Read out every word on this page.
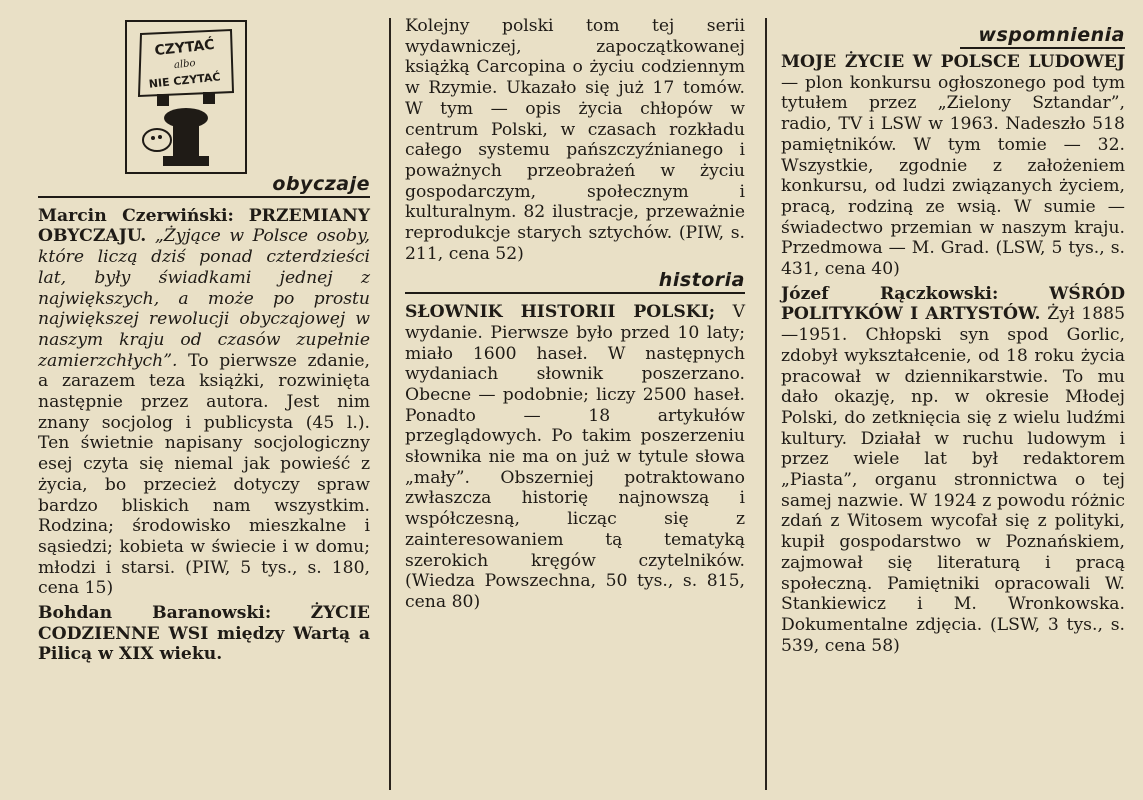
CZYTAĆ
albo
NIE CZYTAĆ
obyczaje

Marcin Czerwiński: PRZEMIANY OBYCZAJU. „Żyjące w Polsce osoby, które liczą dziś ponad czterdzieści lat, były świadkami jednej z największych, a może po prostu największej rewolucji obyczajowej w naszym kraju od czasów zupełnie zamierzchłych”. To pierwsze zdanie, a zarazem teza książki, rozwinięta następnie przez autora. Jest nim znany socjolog i publicysta (45 l.). Ten świetnie napisany socjologiczny esej czyta się niemal jak powieść z życia, bo przecież dotyczy spraw bardzo bliskich nam wszystkim. Rodzina; środowisko mieszkalne i sąsiedzi; kobieta w świecie i w domu; młodzi i starsi. (PIW, 5 tys., s. 180, cena 15)

Bohdan Baranowski: ŻYCIE CODZIENNE WSI między Wartą a Pilicą w XIX wieku.

Kolejny polski tom tej serii wydawniczej, zapoczątkowanej książką Carcopina o życiu codziennym w Rzymie. Ukazało się już 17 tomów. W tym — opis życia chłopów w centrum Polski, w czasach rozkładu całego systemu pańszczyźnianego i poważnych przeobrażeń w życiu gospodarczym, społecznym i kulturalnym. 82 ilustracje, przeważnie reprodukcje starych sztychów. (PIW, s. 211, cena 52)

historia

SŁOWNIK HISTORII POLSKI; V wydanie. Pierwsze było przed 10 laty; miało 1600 haseł. W następnych wydaniach słownik poszerzano. Obecne — podobnie; liczy 2500 haseł. Ponadto — 18 artykułów przeglądowych. Po takim poszerzeniu słownika nie ma on już w tytule słowa „mały”. Obszerniej potraktowano zwłaszcza historię najnowszą i współczesną, licząc się z zainteresowaniem tą tematyką szerokich kręgów czytelników. (Wiedza Powszechna, 50 tys., s. 815, cena 80)

wspomnienia

MOJE ŻYCIE W POLSCE LUDOWEJ — plon konkursu ogłoszonego pod tym tytułem przez „Zielony Sztandar”, radio, TV i LSW w 1963. Nadeszło 518 pamiętników. W tym tomie — 32. Wszystkie, zgodnie z założeniem konkursu, od ludzi związanych życiem, pracą, rodziną ze wsią. W sumie — świadectwo przemian w naszym kraju. Przedmowa — M. Grad. (LSW, 5 tys., s. 431, cena 40)

Józef Rączkowski:	WŚRÓD POLITYKÓW I ARTYSTÓW. Żył 1885—1951. Chłopski syn spod Gorlic, zdobył wykształcenie, od 18 roku życia pracował w dziennikarstwie. To mu dało okazję, np. w okresie Młodej Polski, do zetknięcia się z wielu ludźmi kultury. Działał w ruchu ludowym i przez wiele lat był redaktorem „Piasta”, organu stronnictwa o tej samej nazwie. W 1924 z powodu różnic zdań z Witosem wycofał się z polityki, kupił gospodarstwo w Poznańskiem, zajmował się literaturą i pracą społeczną. Pamiętniki opracowali W. Stankiewicz i M. Wronkowska. Dokumentalne zdjęcia. (LSW, 3 tys., s. 539, cena 58)
